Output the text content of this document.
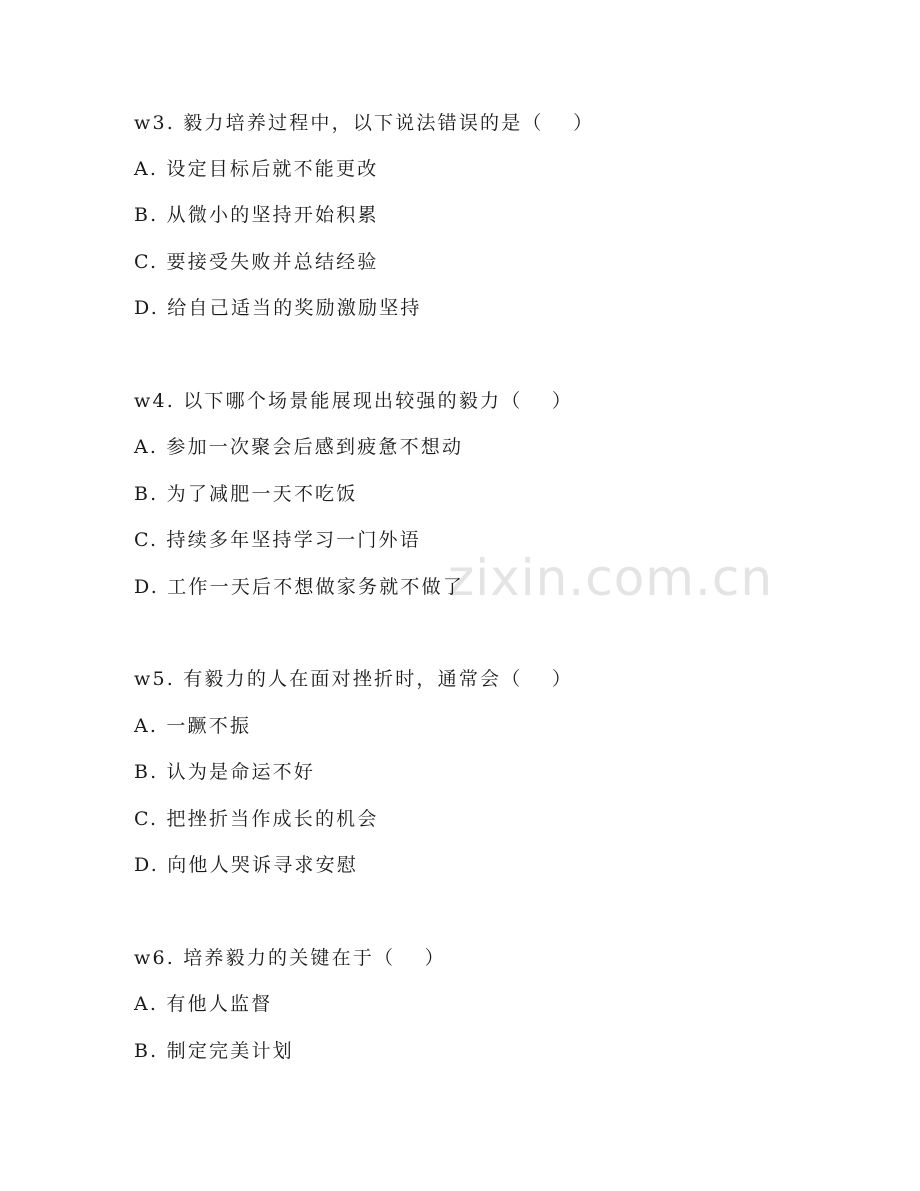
zixin.com.cn
w3. 毅力培养过程中，以下说法错误的是（　 ）
A. 设定目标后就不能更改
B. 从微小的坚持开始积累
C. 要接受失败并总结经验
D. 给自己适当的奖励激励坚持
w4. 以下哪个场景能展现出较强的毅力（　 ）
A. 参加一次聚会后感到疲惫不想动
B. 为了减肥一天不吃饭
C. 持续多年坚持学习一门外语
D. 工作一天后不想做家务就不做了
w5. 有毅力的人在面对挫折时，通常会（　 ）
A. 一蹶不振
B. 认为是命运不好
C. 把挫折当作成长的机会
D. 向他人哭诉寻求安慰
w6. 培养毅力的关键在于（　 ）
A. 有他人监督
B. 制定完美计划
